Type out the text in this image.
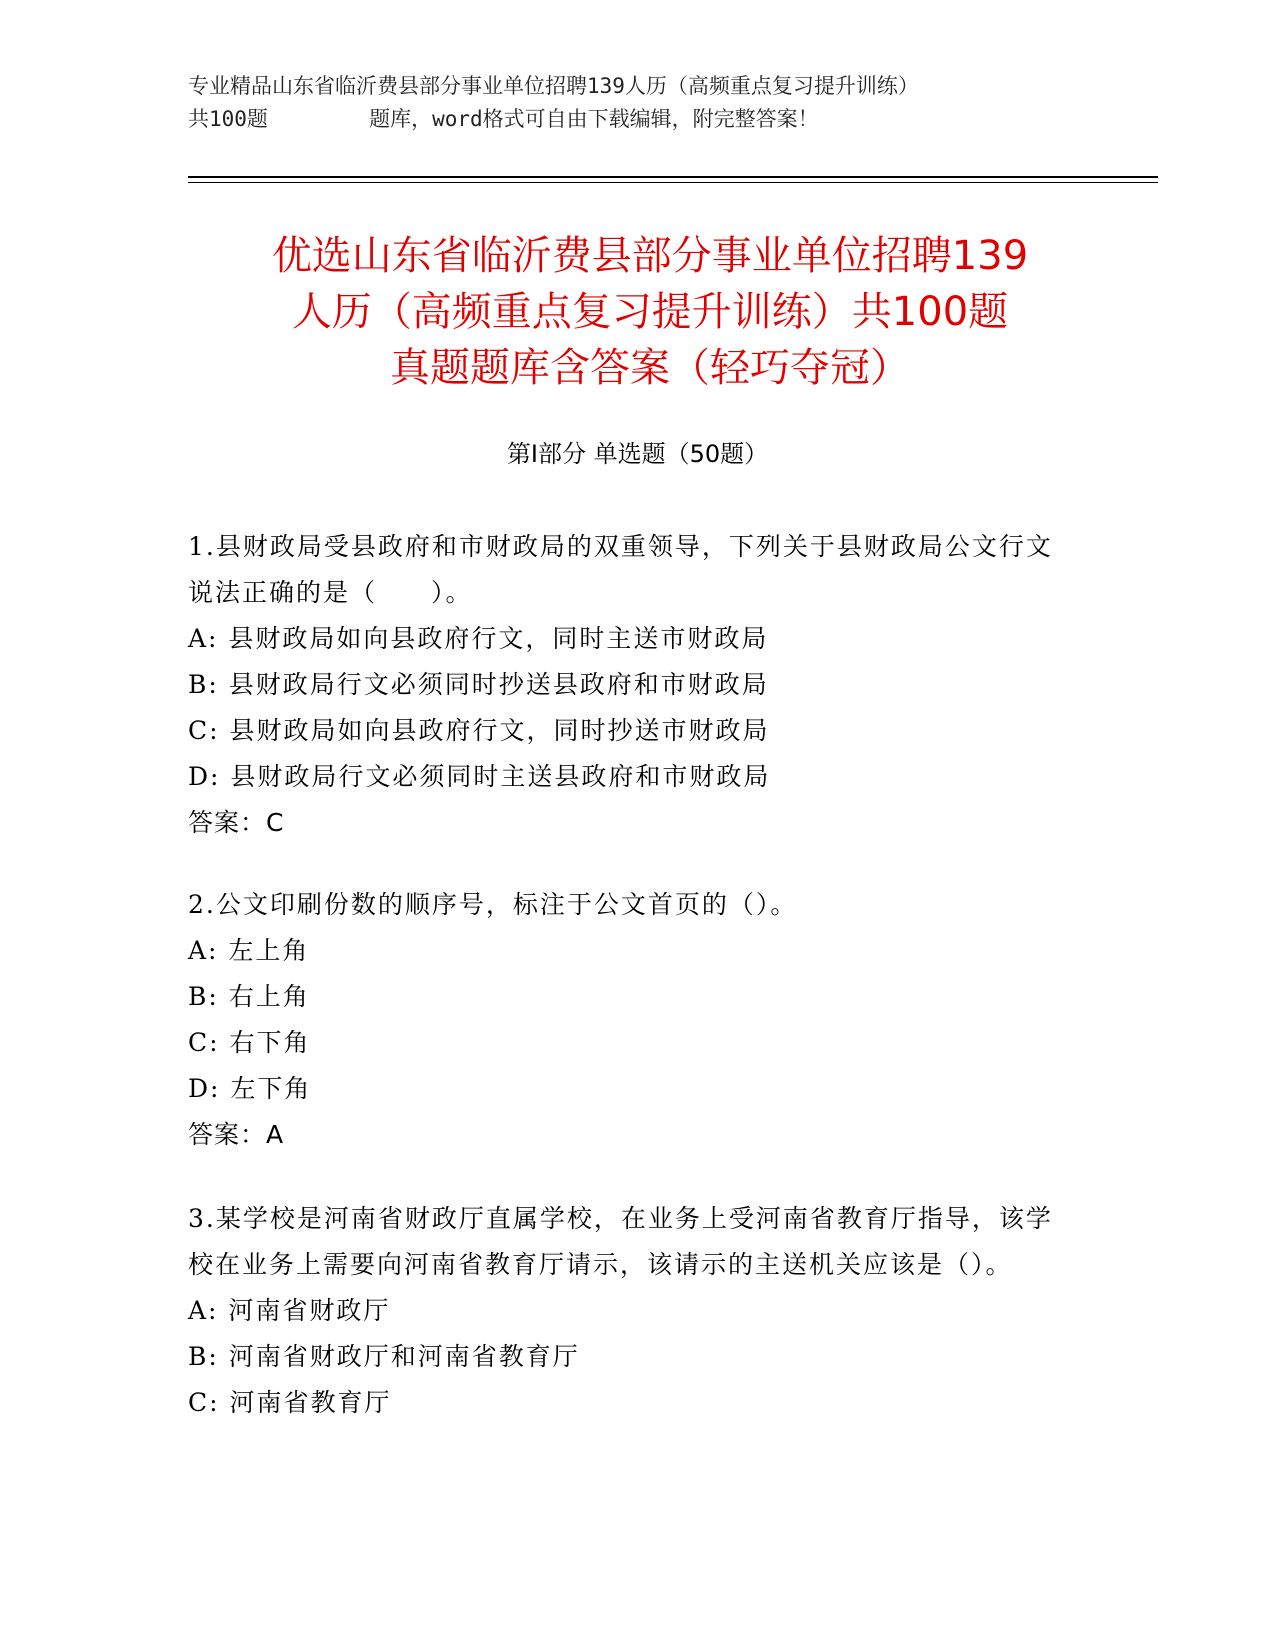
专业精品山东省临沂费县部分事业单位招聘139人历（高频重点复习提升训练）
共100题        题库，word格式可自由下载编辑，附完整答案！
优选山东省临沂费县部分事业单位招聘139
人历（高频重点复习提升训练）共100题
真题题库含答案（轻巧夺冠）
第Ⅰ部分 单选题（50题）

1.县财政局受县政府和市财政局的双重领导，下列关于县财政局公文行文说法正确的是（　　）。

A: 县财政局如向县政府行文，同时主送市财政局

B: 县财政局行文必须同时抄送县政府和市财政局

C: 县财政局如向县政府行文，同时抄送市财政局

D: 县财政局行文必须同时主送县政府和市财政局

答案：C

2.公文印刷份数的顺序号，标注于公文首页的（）。

A: 左上角

B: 右上角

C: 右下角

D: 左下角

答案：A

3.某学校是河南省财政厅直属学校，在业务上受河南省教育厅指导，该学校在业务上需要向河南省教育厅请示，该请示的主送机关应该是（）。

A: 河南省财政厅

B: 河南省财政厅和河南省教育厅

C: 河南省教育厅
